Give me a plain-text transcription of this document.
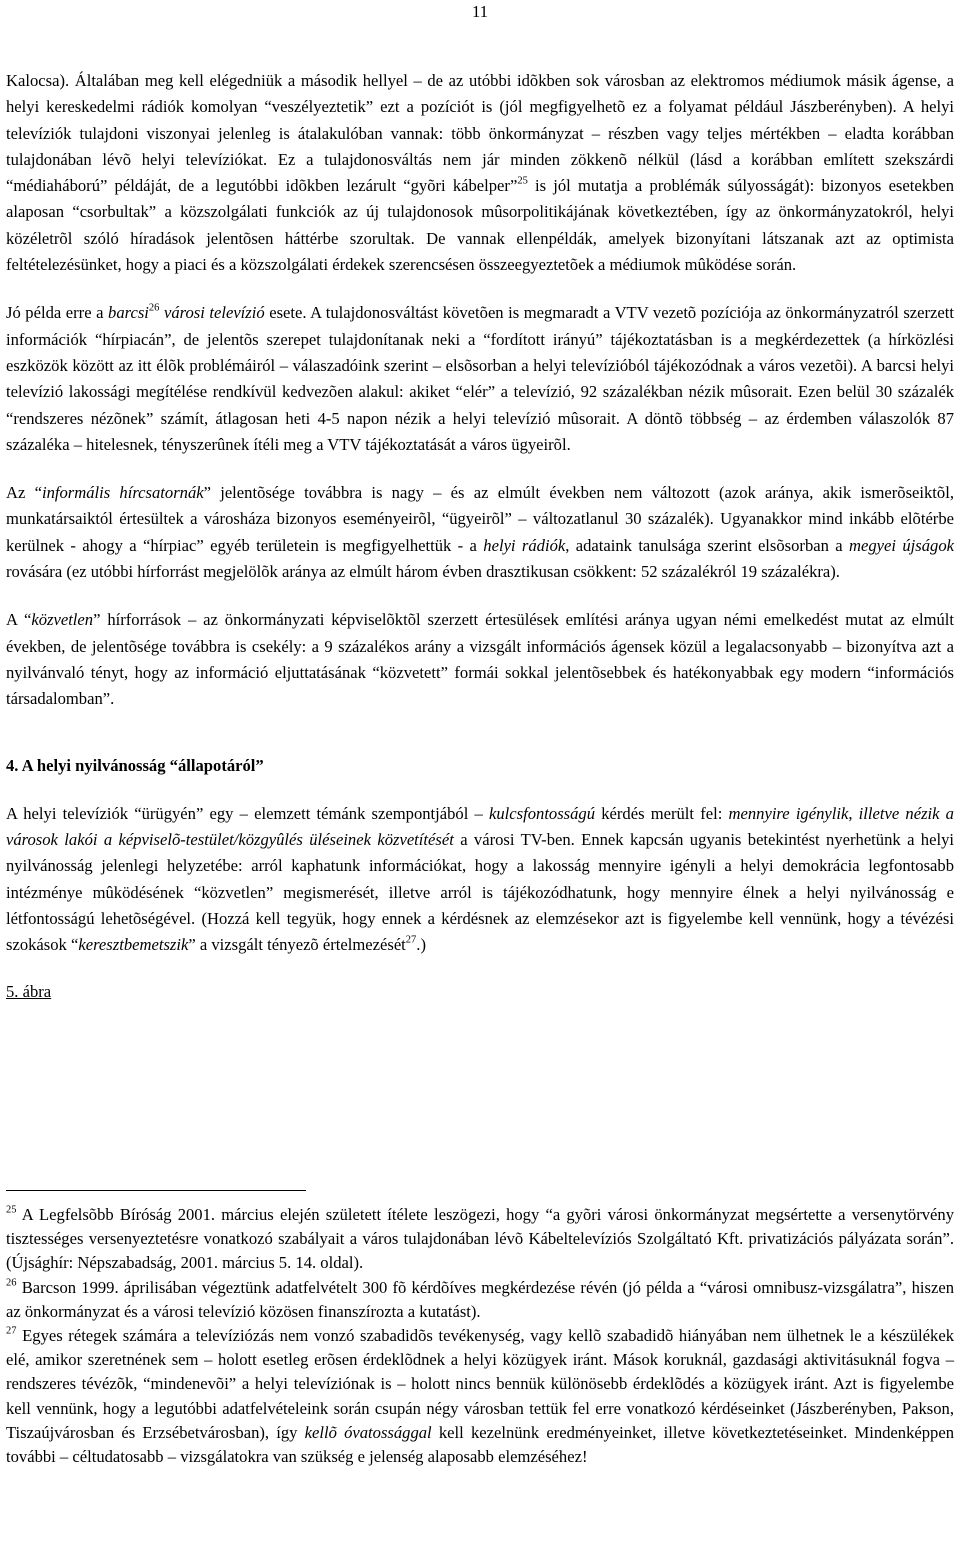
11

Kalocsa). Általában meg kell elégedniük a második hellyel – de az utóbbi idõkben sok városban az elektromos médiumok másik ágense, a helyi kereskedelmi rádiók komolyan “veszélyeztetik” ezt a pozíciót is (jól megfigyelhetõ ez a folyamat például Jászberényben). A helyi televíziók tulajdoni viszonyai jelenleg is átalakulóban vannak: több önkormányzat – részben vagy teljes mértékben – eladta korábban tulajdonában lévõ helyi televíziókat. Ez a tulajdonosváltás nem jár minden zökkenõ nélkül (lásd a korábban említett szekszárdi “médiaháború” példáját, de a legutóbbi idõkben lezárult “gyõri kábelper”$^{25}$ is jól mutatja a problémák súlyosságát): bizonyos esetekben alaposan “csorbultak” a közszolgálati funkciók az új tulajdonosok mûsorpolitikájának következtében, így az önkormányzatokról, helyi közéletrõl szóló híradások jelentõsen háttérbe szorultak. De vannak ellenpéldák, amelyek bizonyítani látszanak azt az optimista feltételezésünket, hogy a piaci és a közszolgálati érdekek szerencsésen összeegyeztetõek a médiumok mûködése során.

Jó példa erre a barcsi$^{26}$ városi televízió esete. A tulajdonosváltást követõen is megmaradt a VTV vezetõ pozíciója az önkormányzatról szerzett információk “hírpiacán”, de jelentõs szerepet tulajdonítanak neki a “fordított irányú” tájékoztatásban is a megkérdezettek (a hírközlési eszközök között az itt élõk problémáiról – válaszadóink szerint – elsõsorban a helyi televízióból tájékozódnak a város vezetõi). A barcsi helyi televízió lakossági megítélése rendkívül kedvezõen alakul: akiket “elér” a televízió, 92 százalékban nézik mûsorait. Ezen belül 30 százalék “rendszeres nézõnek” számít, átlagosan heti 4-5 napon nézik a helyi televízió mûsorait. A döntõ többség – az érdemben válaszolók 87 százaléka – hitelesnek, tényszerûnek ítéli meg a VTV tájékoztatását a város ügyeirõl.

Az “informális hírcsatornák” jelentõsége továbbra is nagy – és az elmúlt években nem változott (azok aránya, akik ismerõseiktõl, munkatársaiktól értesültek a városháza bizonyos eseményeirõl, “ügyeirõl” – változatlanul 30 százalék). Ugyanakkor mind inkább elõtérbe kerülnek - ahogy a “hírpiac” egyéb területein is megfigyelhettük - a helyi rádiók, adataink tanulsága szerint elsõsorban a megyei újságok rovására (ez utóbbi hírforrást megjelölõk aránya az elmúlt három évben drasztikusan csökkent: 52 százalékról 19 százalékra).

A “közvetlen” hírforrások – az önkormányzati képviselõktõl szerzett értesülések említési aránya ugyan némi emelkedést mutat az elmúlt években, de jelentõsége továbbra is csekély: a 9 százalékos arány a vizsgált információs ágensek közül a legalacsonyabb – bizonyítva azt a nyilvánvaló tényt, hogy az információ eljuttatásának “közvetett” formái sokkal jelentõsebbek és hatékonyabbak egy modern “információs társadalomban”.

4. A helyi nyilvánosság “állapotáról”

A helyi televíziók “ürügyén” egy – elemzett témánk szempontjából – kulcsfontosságú kérdés merült fel: mennyire igénylik, illetve nézik a városok lakói a képviselõ-testület/közgyûlés üléseinek közvetítését a városi TV-ben. Ennek kapcsán ugyanis betekintést nyerhetünk a helyi nyilvánosság jelenlegi helyzetébe: arról kaphatunk információkat, hogy a lakosság mennyire igényli a helyi demokrácia legfontosabb intézménye mûködésének “közvetlen” megismerését, illetve arról is tájékozódhatunk, hogy mennyire élnek a helyi nyilvánosság e létfontosságú lehetõségével. (Hozzá kell tegyük, hogy ennek a kérdésnek az elemzésekor azt is figyelembe kell vennünk, hogy a tévézési szokások “keresztbemetszik” a vizsgált tényezõ értelmezését$^{27}$.)

5. ábra

$^{25}$ A Legfelsõbb Bíróság 2001. március elején született ítélete leszögezi, hogy “a gyõri városi önkormányzat megsértette a versenytörvény tisztességes versenyeztetésre vonatkozó szabályait a város tulajdonában lévõ Kábeltelevíziós Szolgáltató Kft. privatizációs pályázata során”. (Újsághír: Népszabadság, 2001. március 5. 14. oldal).

$^{26}$ Barcson 1999. áprilisában végeztünk adatfelvételt 300 fõ kérdõíves megkérdezése révén (jó példa a “városi omnibusz-vizsgálatra”, hiszen az önkormányzat és a városi televízió közösen finanszírozta a kutatást).

$^{27}$ Egyes rétegek számára a televíziózás nem vonzó szabadidõs tevékenység, vagy kellõ szabadidõ hiányában nem ülhetnek le a készülékek elé, amikor szeretnének sem – holott esetleg erõsen érdeklõdnek a helyi közügyek iránt. Mások koruknál, gazdasági aktivitásuknál fogva – rendszeres tévézõk, “mindenevõi” a helyi televíziónak is – holott nincs bennük különösebb érdeklõdés a közügyek iránt. Azt is figyelembe kell vennünk, hogy a legutóbbi adatfelvételeink során csupán négy városban tettük fel erre vonatkozó kérdéseinket (Jászberényben, Pakson, Tiszaújvárosban és Erzsébetvárosban), így kellõ óvatossággal kell kezelnünk eredményeinket, illetve következtetéseinket. Mindenképpen további – céltudatosabb – vizsgálatokra van szükség e jelenség alaposabb elemzéséhez!
